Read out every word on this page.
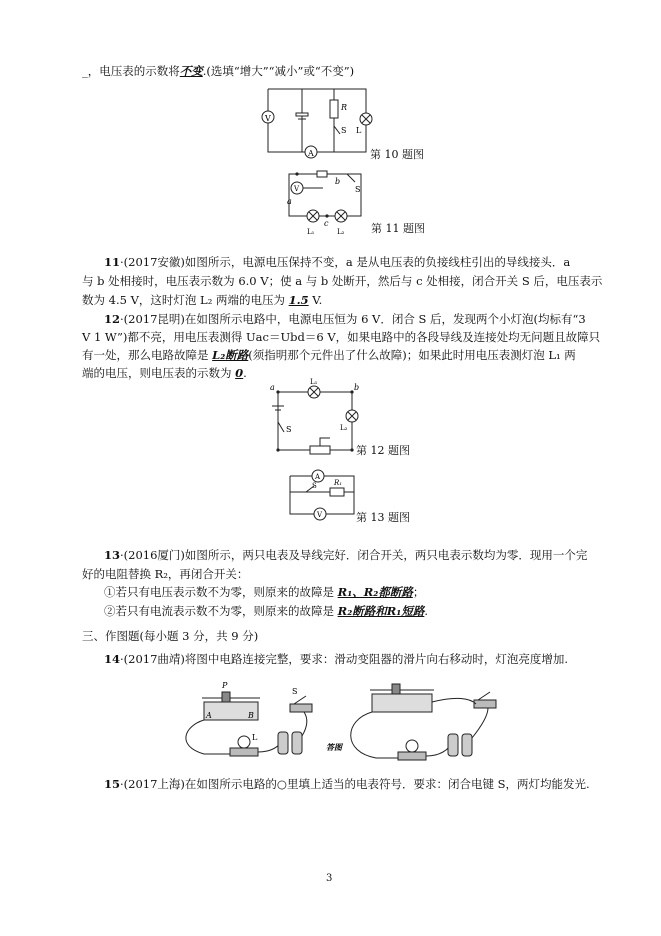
_，电压表的示数将不变.(选填“增大”“减小”或“不变”)
V
A
R
S L
第 10 题图
V
a
b
c
S
L₁	L₂ 第 11 题图
11·(2017安徽)如图所示，电源电压保持不变，a 是从电压表的负接线柱引出的导线接头．a
与 b 处相接时，电压表示数为 6.0 V；使 a 与 b 处断开，然后与 c 处相接，闭合开关 S 后，电压表示
数为 4.5 V，这时灯泡 L₂ 两端的电压为 1.5 V.
12·(2017昆明)在如图所示电路中，电源电压恒为 6 V．闭合 S 后，发现两个小灯泡(均标有“3
V 1 W”)都不亮，用电压表测得 Uac＝Ubd＝6 V，如果电路中的各段导线及连接处均无问题且故障只
有一处，那么电路故障是 L₂断路(须指明那个元件出了什么故障)；如果此时用电压表测灯泡 L₁ 两
端的电压，则电压表的示数为 0.
a	b
L₁
L₂
S
第 12 题图
A
V
S R₁
第 13 题图
13·(2016厦门)如图所示，两只电表及导线完好．闭合开关，两只电表示数均为零．现用一个完
好的电阻替换 R₂，再闭合开关：
①若只有电压表示数不为零，则原来的故障是 R₁、R₂都断路；
②若只有电流表示数不为零，则原来的故障是 R₂断路和R₁短路.
三、作图题(每小题 3 分，共 9 分)
14·(2017曲靖)将图中电路连接完整，要求：滑动变阻器的滑片向右移动时，灯泡亮度增加.
P
A	B
S
L
答图
15·(2017上海)在如图所示电路的○里填上适当的电表符号．要求：闭合电键 S，两灯均能发光.
3
